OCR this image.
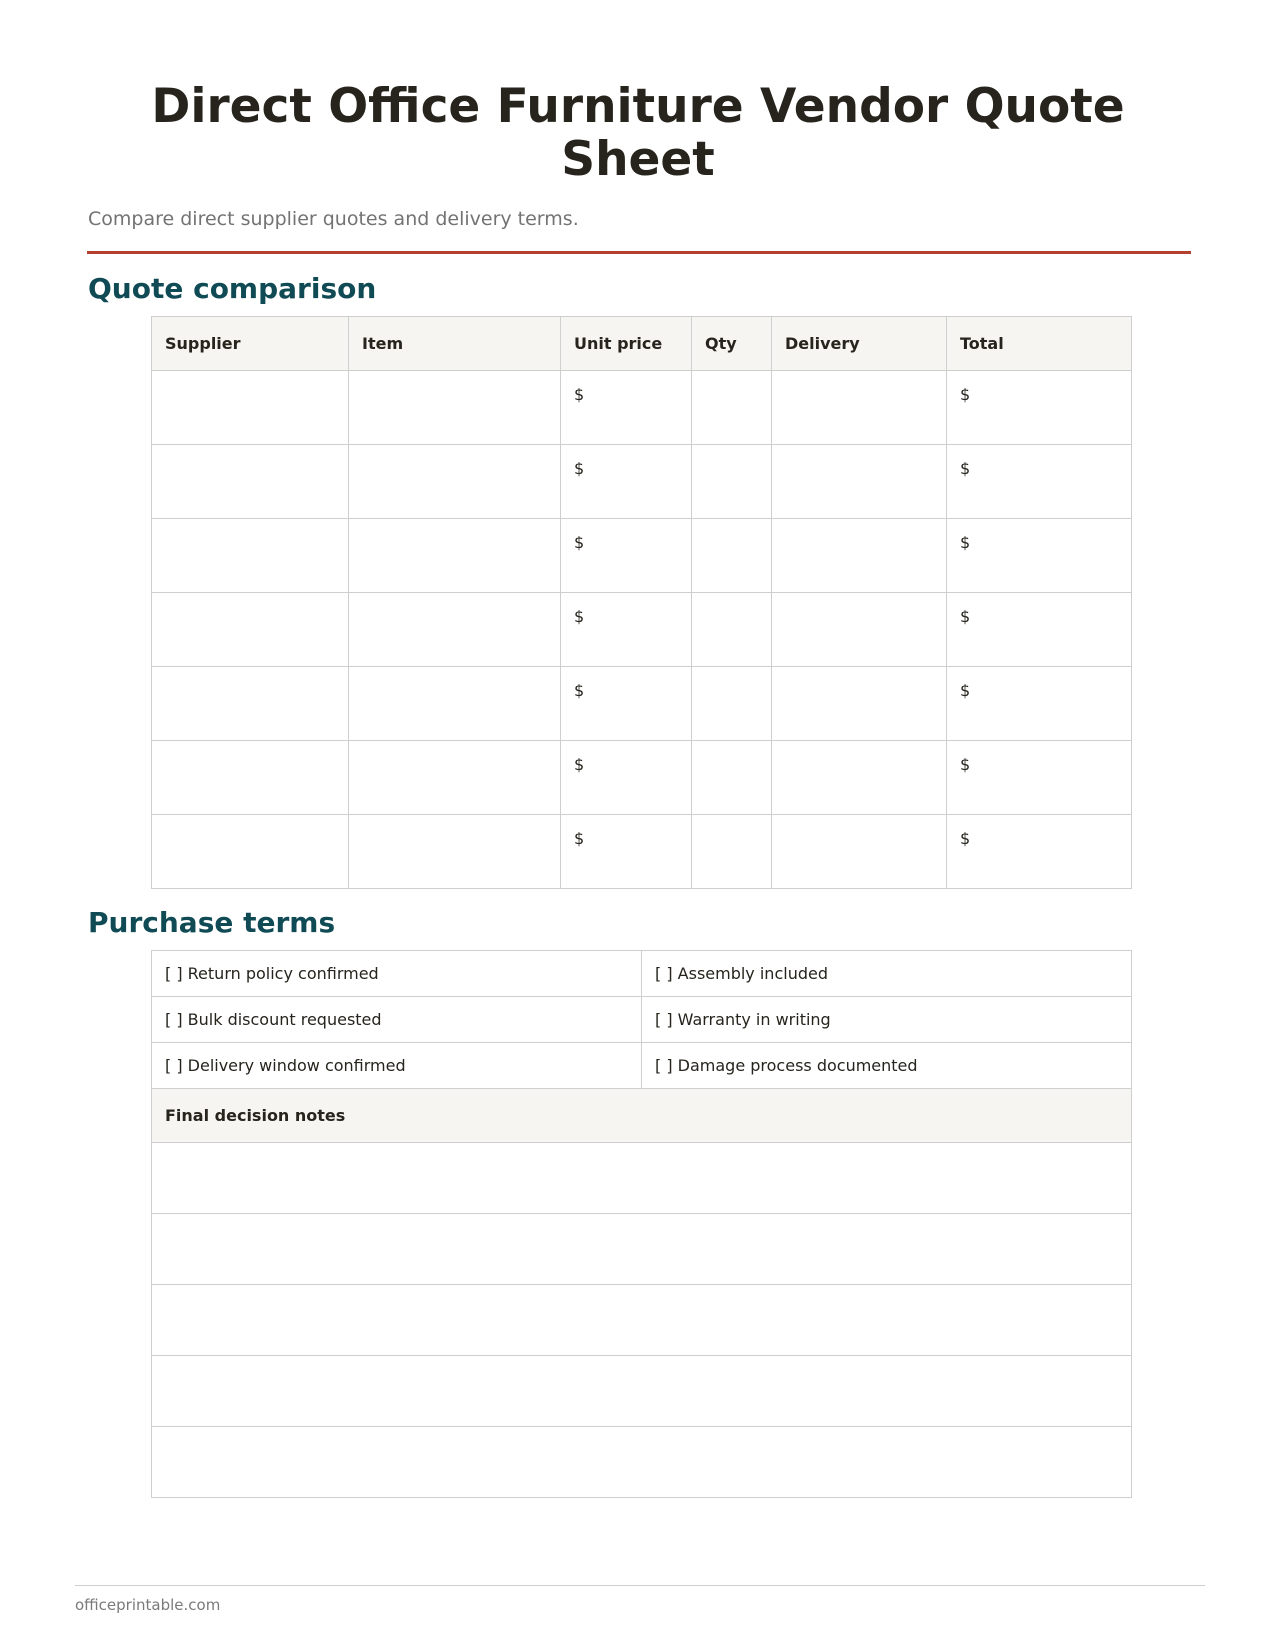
Direct Office Furniture Vendor Quote Sheet

Compare direct supplier quotes and delivery terms.

Quote comparison
Supplier	Item	Unit price	Qty	Delivery	Total
		$			$
		$			$
		$			$
		$			$
		$			$
		$			$
		$			$
Purchase terms
[ ] Return policy confirmed	[ ] Assembly included
[ ] Bulk discount requested	[ ] Warranty in writing
[ ] Delivery window confirmed	[ ] Damage process documented
Final decision notes	

officeprintable.com
